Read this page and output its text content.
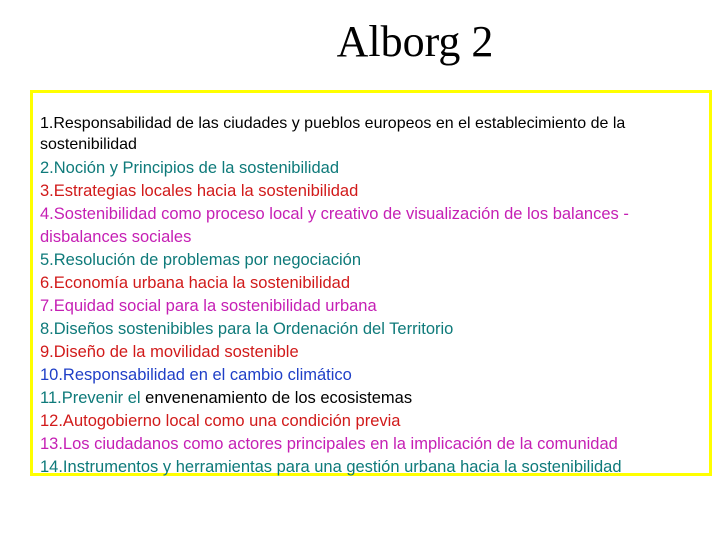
Alborg 2

1.Responsabilidad de las ciudades y pueblos europeos en el establecimiento de la sostenibilidad

2.Noción y Principios de la sostenibilidad

3.Estrategias locales hacia la sostenibilidad

4.Sostenibilidad como proceso local y creativo de visualización de los balances - disbalances sociales

5.Resolución de problemas por negociación

6.Economía urbana hacia la sostenibilidad

7.Equidad social para la sostenibilidad urbana

8.Diseños sostenibibles para la Ordenación del Territorio

9.Diseño de la movilidad sostenible

10.Responsabilidad en el cambio climático

11.Prevenir el envenenamiento de los ecosistemas

12.Autogobierno local como una condición previa

13.Los ciudadanos como actores principales en la implicación de la comunidad

14.Instrumentos y herramientas para una gestión urbana hacia la sostenibilidad
